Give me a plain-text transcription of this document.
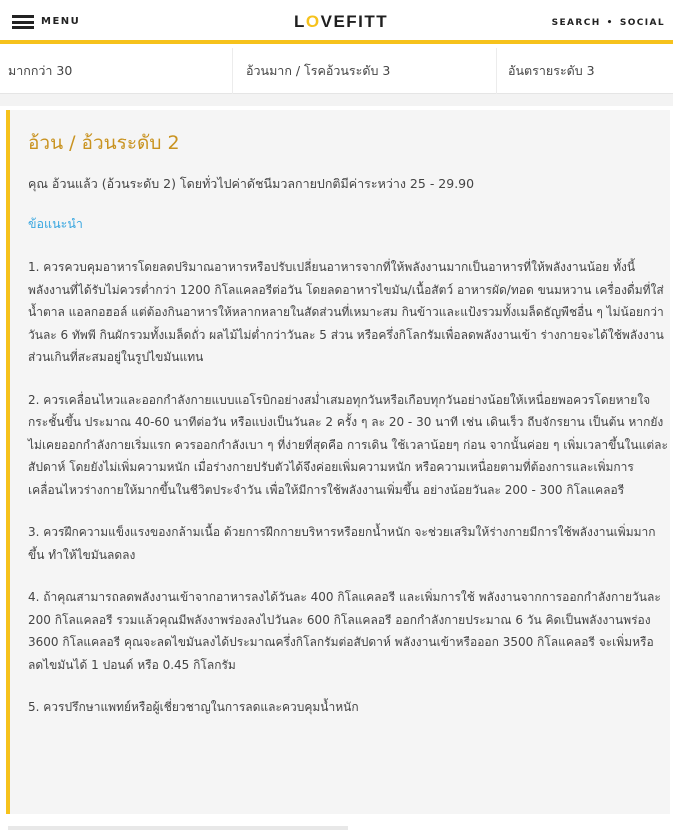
MENU	LOVEFITT	SEARCH • SOCIAL
มากกว่า 30	อ้วนมาก / โรคอ้วนระดับ 3	อันตรายระดับ 3
อ้วน / อ้วนระดับ 2
คุณ อ้วนแล้ว (อ้วนระดับ 2) โดยทั่วไปค่าดัชนีมวลกายปกติมีค่าระหว่าง 25 - 29.90
ข้อแนะนำ

1. ควรควบคุมอาหารโดยลดปริมาณอาหารหรือปรับเปลี่ยนอาหารจากที่ให้พลังงานมากเป็นอาหารที่ให้พลังงานน้อย ทั้งนี้พลังงานที่ได้รับไม่ควรต่ำกว่า 1200 กิโลแคลอรีต่อวัน โดยลดอาหารไขมัน/เนื้อสัตว์ อาหารผัด/ทอด ขนมหวาน เครื่องดื่มที่ใส่น้ำตาล แอลกอฮอล์ แต่ต้องกินอาหารให้หลากหลายในสัดส่วนที่เหมาะสม กินข้าวและแป้งรวมทั้งเมล็ดธัญพืชอื่น ๆ ไม่น้อยกว่าวันละ 6 ทัพพี กินผักรวมทั้งเมล็ดถั่ว ผลไม้ไม่ต่ำกว่าวันละ 5 ส่วน หรือครึ่งกิโลกรัมเพื่อลดพลังงานเข้า ร่างกายจะได้ใช้พลังงานส่วนเกินที่สะสมอยู่ในรูปไขมันแทน

2. ควรเคลื่อนไหวและออกกำลังกายแบบแอโรบิกอย่างสม่ำเสมอทุกวันหรือเกือบทุกวันอย่างน้อยให้เหนื่อยพอควรโดยหายใจกระชั้นขึ้น ประมาณ 40-60 นาทีต่อวัน หรือแบ่งเป็นวันละ 2 ครั้ง ๆ ละ 20 - 30 นาที เช่น เดินเร็ว ถีบจักรยาน เป็นต้น หากยังไม่เคยออกกำลังกายเริ่มแรก ควรออกกำลังเบา ๆ ที่ง่ายที่สุดคือ การเดิน ใช้เวลาน้อยๆ ก่อน จากนั้นค่อย ๆ เพิ่มเวลาขึ้นในแต่ละสัปดาห์ โดยยังไม่เพิ่มความหนัก เมื่อร่างกายปรับตัวได้จึงค่อยเพิ่มความหนัก หรือความเหนื่อยตามที่ต้องการและเพิ่มการเคลื่อนไหวร่างกายให้มากขึ้นในชีวิตประจำวัน เพื่อให้มีการใช้พลังงานเพิ่มขึ้น อย่างน้อยวันละ 200 - 300 กิโลแคลอรี

3. ควรฝึกความแข็งแรงของกล้ามเนื้อ ด้วยการฝึกกายบริหารหรือยกน้ำหนัก จะช่วยเสริมให้ร่างกายมีการใช้พลังงานเพิ่มมากขึ้น ทำให้ไขมันลดลง

4. ถ้าคุณสามารถลดพลังงานเข้าจากอาหารลงได้วันละ 400 กิโลแคลอรี และเพิ่มการใช้ พลังงานจากการออกกำลังกายวันละ 200 กิโลแคลอรี รวมแล้วคุณมีพลังงาพร่องลงไปวันละ 600 กิโลแคลอรี ออกกำลังกายประมาณ 6 วัน คิดเป็นพลังงานพร่อง 3600 กิโลแคลอรี คุณจะลดไขมันลงได้ประมาณครึ่งกิโลกรัมต่อสัปดาห์ พลังงานเข้าหรือออก 3500 กิโลแคลอรี จะเพิ่มหรือลดไขมันได้ 1 ปอนด์ หรือ 0.45 กิโลกรัม

5. ควรปรึกษาแพทย์หรือผู้เชี่ยวชาญในการลดและควบคุมน้ำหนัก
